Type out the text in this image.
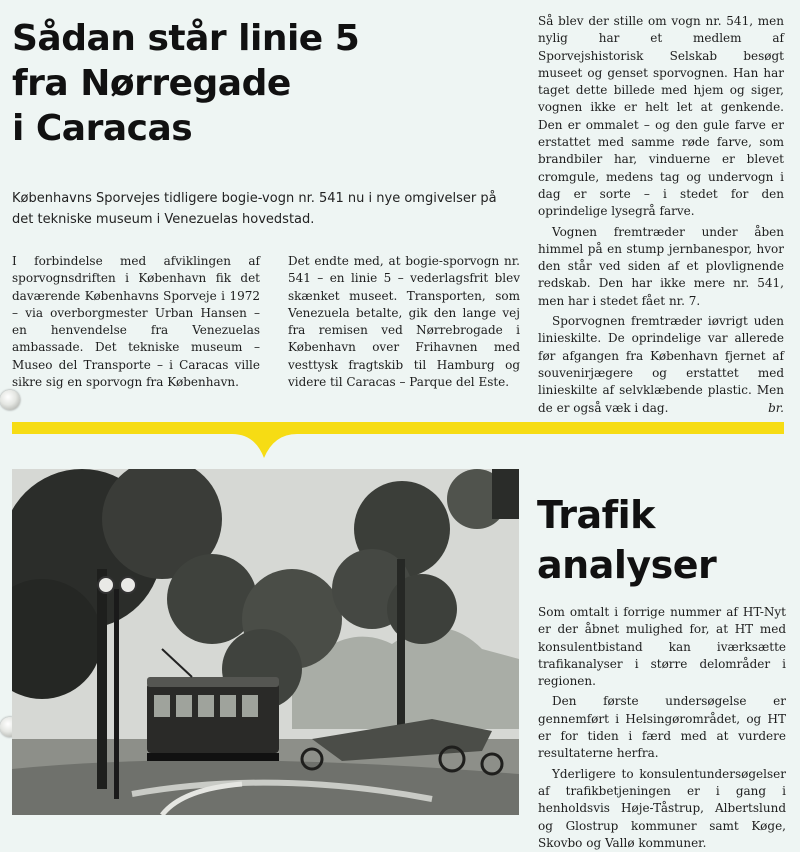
Sådan står linie 5
fra Nørregade
i Caracas
Københavns Sporvejes tidligere bogie-vogn nr. 541 nu i nye omgivelser på det tekniske museum i Venezuelas hovedstad.

I forbindelse med afviklingen af sporvognsdriften i København fik det daværende Københavns Sporveje i 1972 – via overborgmester Urban Hansen – en henvendelse fra Venezuelas ambassade. Det tekniske museum – Museo del Transporte – i Caracas ville sikre sig en sporvogn fra København.

Det endte med, at bogie-sporvogn nr. 541 – en linie 5 – vederlagsfrit blev skænket museet. Transporten, som Venezuela betalte, gik den lange vej fra remisen ved Nørrebrogade i København over Frihavnen med vesttysk fragtskib til Hamburg og videre til Caracas – Parque del Este.

Så blev der stille om vogn nr. 541, men nylig har et medlem af Sporvejshistorisk Selskab besøgt museet og genset sporvognen. Han har taget dette billede med hjem og siger, vognen ikke er helt let at genkende. Den er ommalet – og den gule farve er erstattet med samme røde farve, som brandbiler har, vinduerne er blevet cromgule, medens tag og undervogn i dag er sorte – i stedet for den oprindelige lysegrå farve.

Vognen fremtræder under åben himmel på en stump jernbanespor, hvor den står ved siden af et plovlignende redskab. Den har ikke mere nr. 541, men har i stedet fået nr. 7.

Sporvognen fremtræder iøvrigt uden linieskilte. De oprindelige var allerede før afgangen fra København fjernet af souvenirjægere og erstattet med linieskilte af selvklæbende plastic. Men de er også væk i dag.	br.

Trafik
analyser

Som omtalt i forrige nummer af HT-Nyt er der åbnet mulighed for, at HT med konsulentbistand kan iværksætte trafikanalyser i større delområder i regionen.

Den første undersøgelse er gennemført i Helsingørområdet, og HT er for tiden i færd med at vurdere resultaterne herfra.

Yderligere to konsulentundersøgelser af trafikbetjeningen er i gang i henholdsvis Høje-Tåstrup, Albertslund og Glostrup kommuner samt Køge, Skovbo og Vallø kommuner.
